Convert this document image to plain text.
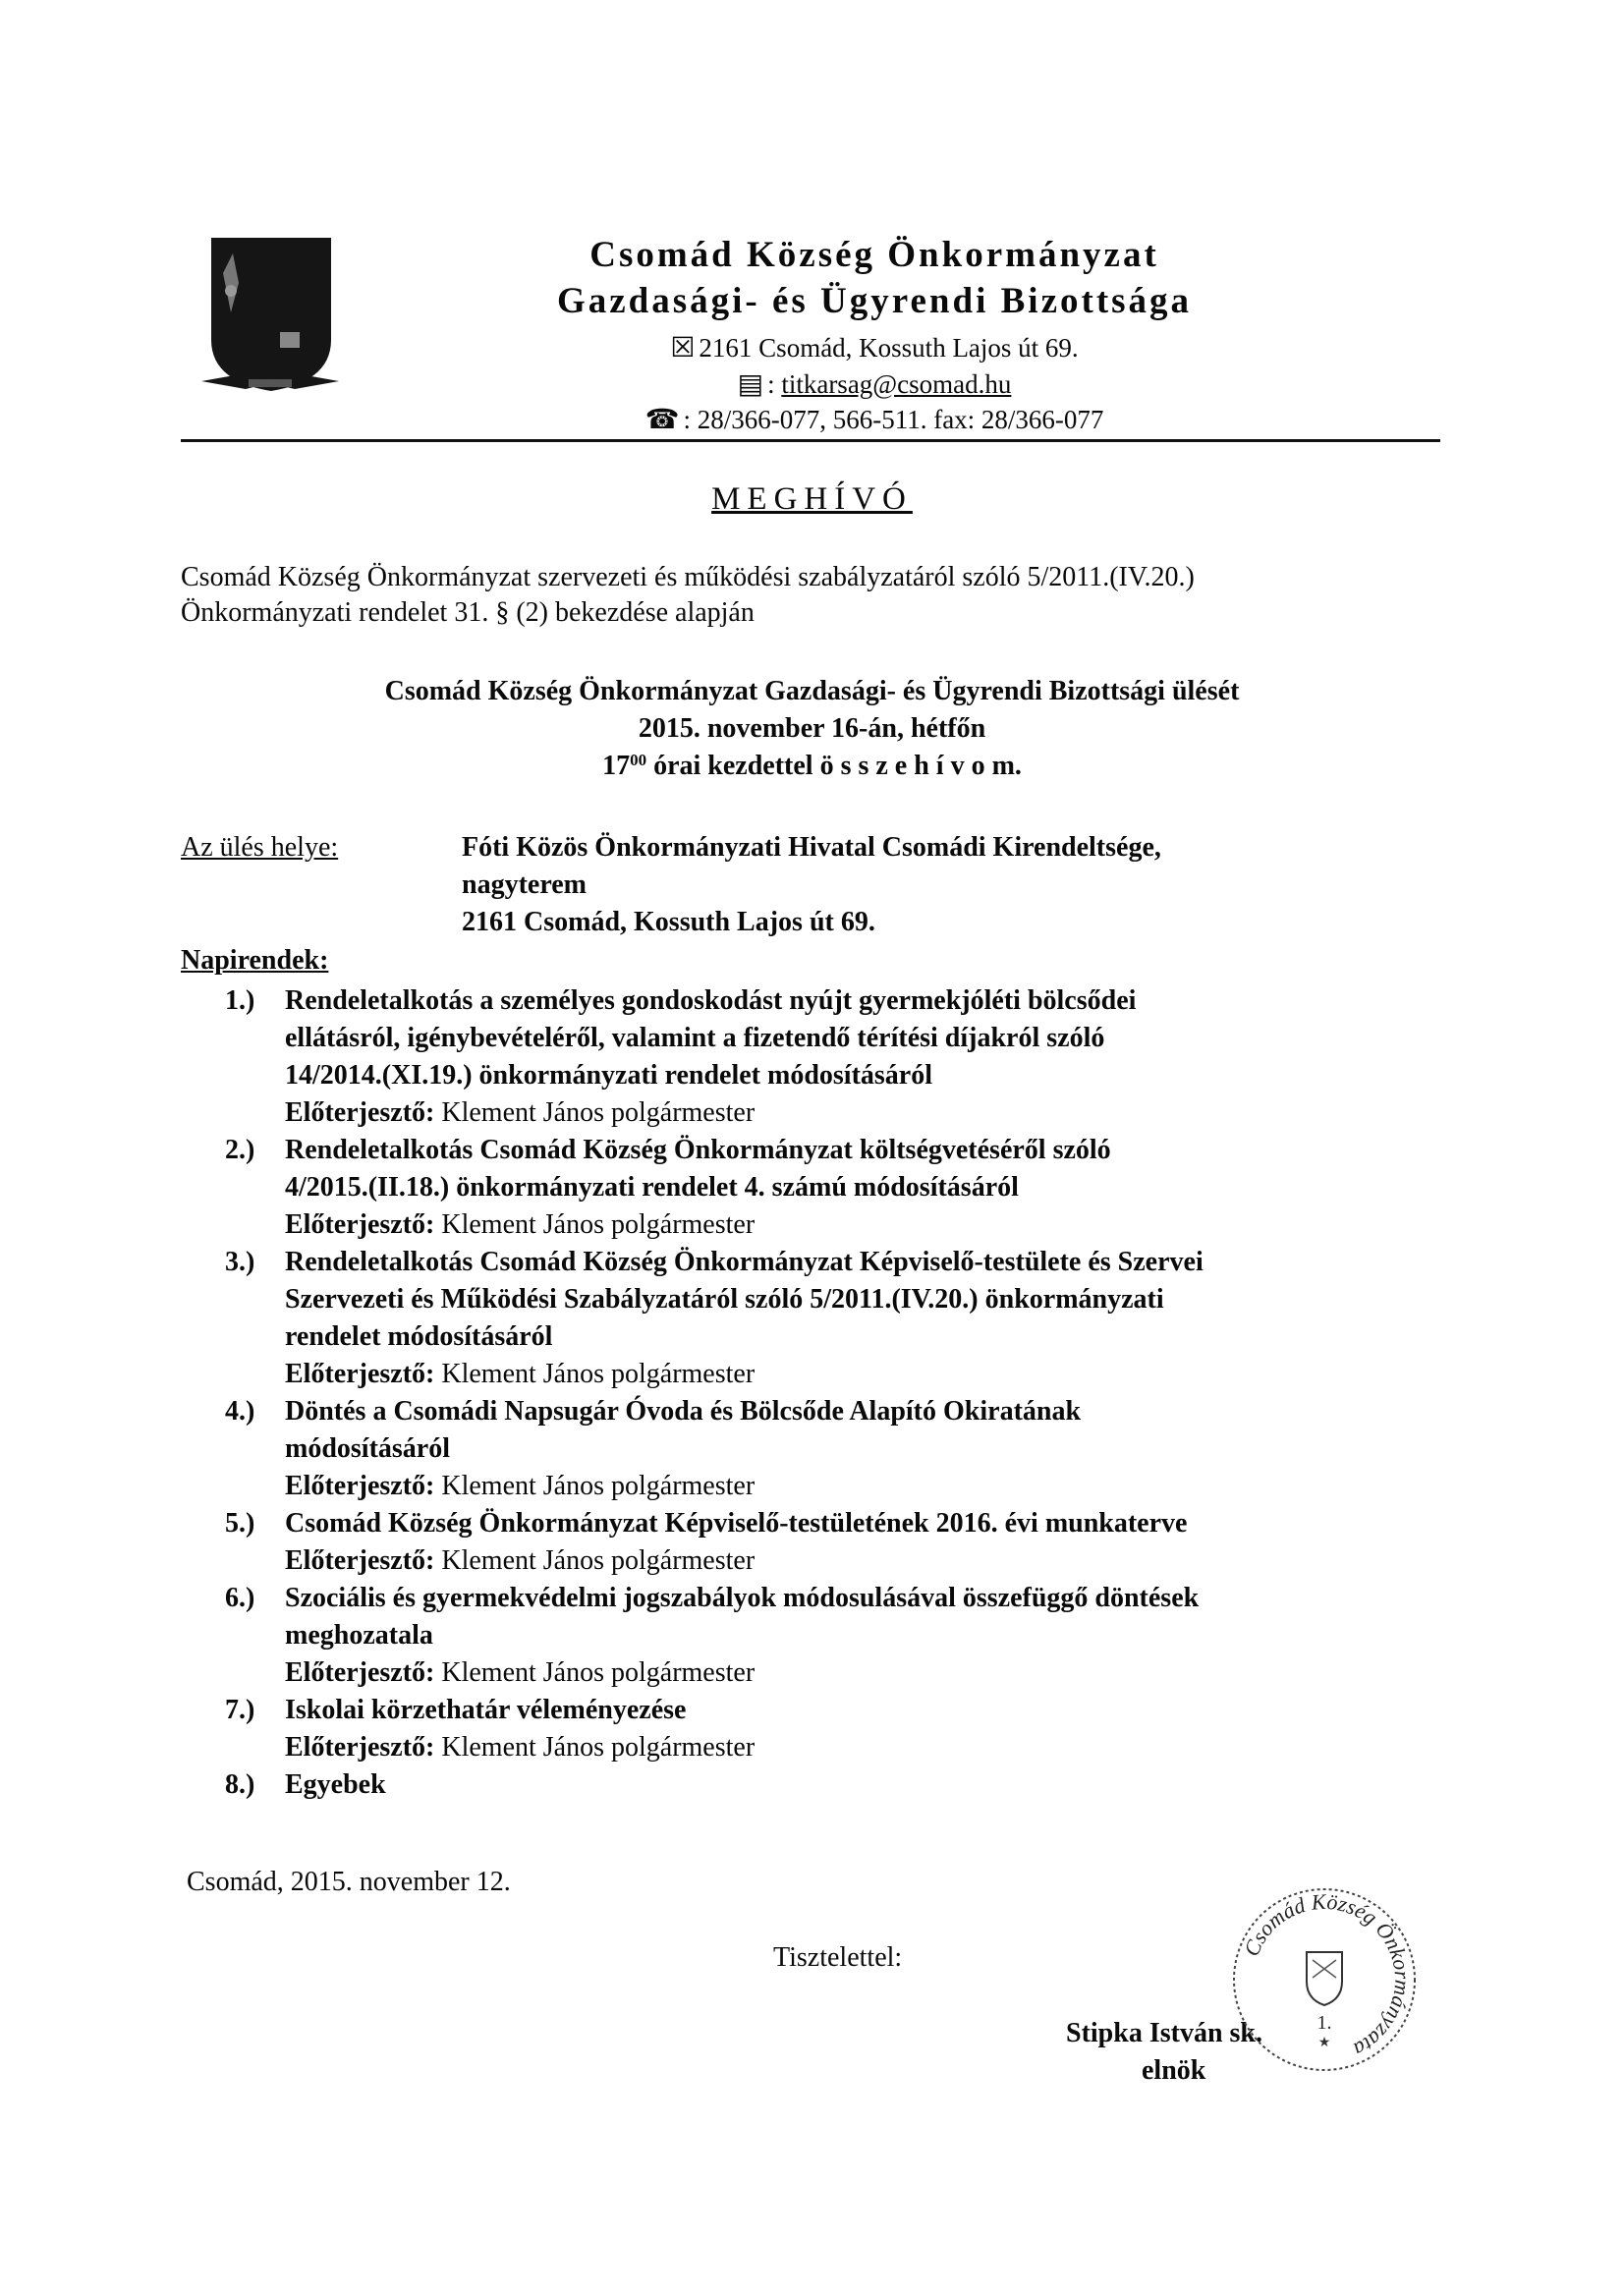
Csomád Község Önkormányzat
Gazdasági- és Ügyrendi Bizottsága
☒ 2161 Csomád, Kossuth Lajos út 69.
▤ : titkarsag@csomad.hu
☎ : 28/366-077, 566-511. fax: 28/366-077
MEGHÍVÓ
Csomád Község Önkormányzat szervezeti és működési szabályzatáról szóló 5/2011.(IV.20.)
Önkormányzati rendelet 31. § (2) bekezdése alapján
Csomád Község Önkormányzat Gazdasági- és Ügyrendi Bizottsági ülését
2015. november 16-án, hétfőn
$17^{00}$ órai kezdettel ö s s z e h í v o m.
Az ülés helye:	Fóti Közös Önkormányzati Hivatal Csomádi Kirendeltsége,
nagyterem
2161 Csomád, Kossuth Lajos út 69.
Napirendek:
1.) Rendeletalkotás a személyes gondoskodást nyújt gyermekjóléti bölcsődei
ellátásról, igénybevételéről, valamint a fizetendő térítési díjakról szóló
14/2014.(XI.19.) önkormányzati rendelet módosításáról
Előterjesztő: Klement János polgármester
2.) Rendeletalkotás Csomád Község Önkormányzat költségvetéséről szóló
4/2015.(II.18.) önkormányzati rendelet 4. számú módosításáról
Előterjesztő: Klement János polgármester
3.) Rendeletalkotás Csomád Község Önkormányzat Képviselő-testülete és Szervei
Szervezeti és Működési Szabályzatáról szóló 5/2011.(IV.20.) önkormányzati
rendelet módosításáról
Előterjesztő: Klement János polgármester
4.) Döntés a Csomádi Napsugár Óvoda és Bölcsőde Alapító Okiratának
módosításáról
Előterjesztő: Klement János polgármester
5.) Csomád Község Önkormányzat Képviselő-testületének 2016. évi munkaterve
Előterjesztő: Klement János polgármester
6.) Szociális és gyermekvédelmi jogszabályok módosulásával összefüggő döntések
meghozatala
Előterjesztő: Klement János polgármester
7.) Iskolai körzethatár véleményezése
Előterjesztő: Klement János polgármester
8.) Egyebek
Csomád, 2015. november 12.
Tisztelettel:
Stipka István sk.
elnök
Csomád Község Önkormányzata
1.
★
